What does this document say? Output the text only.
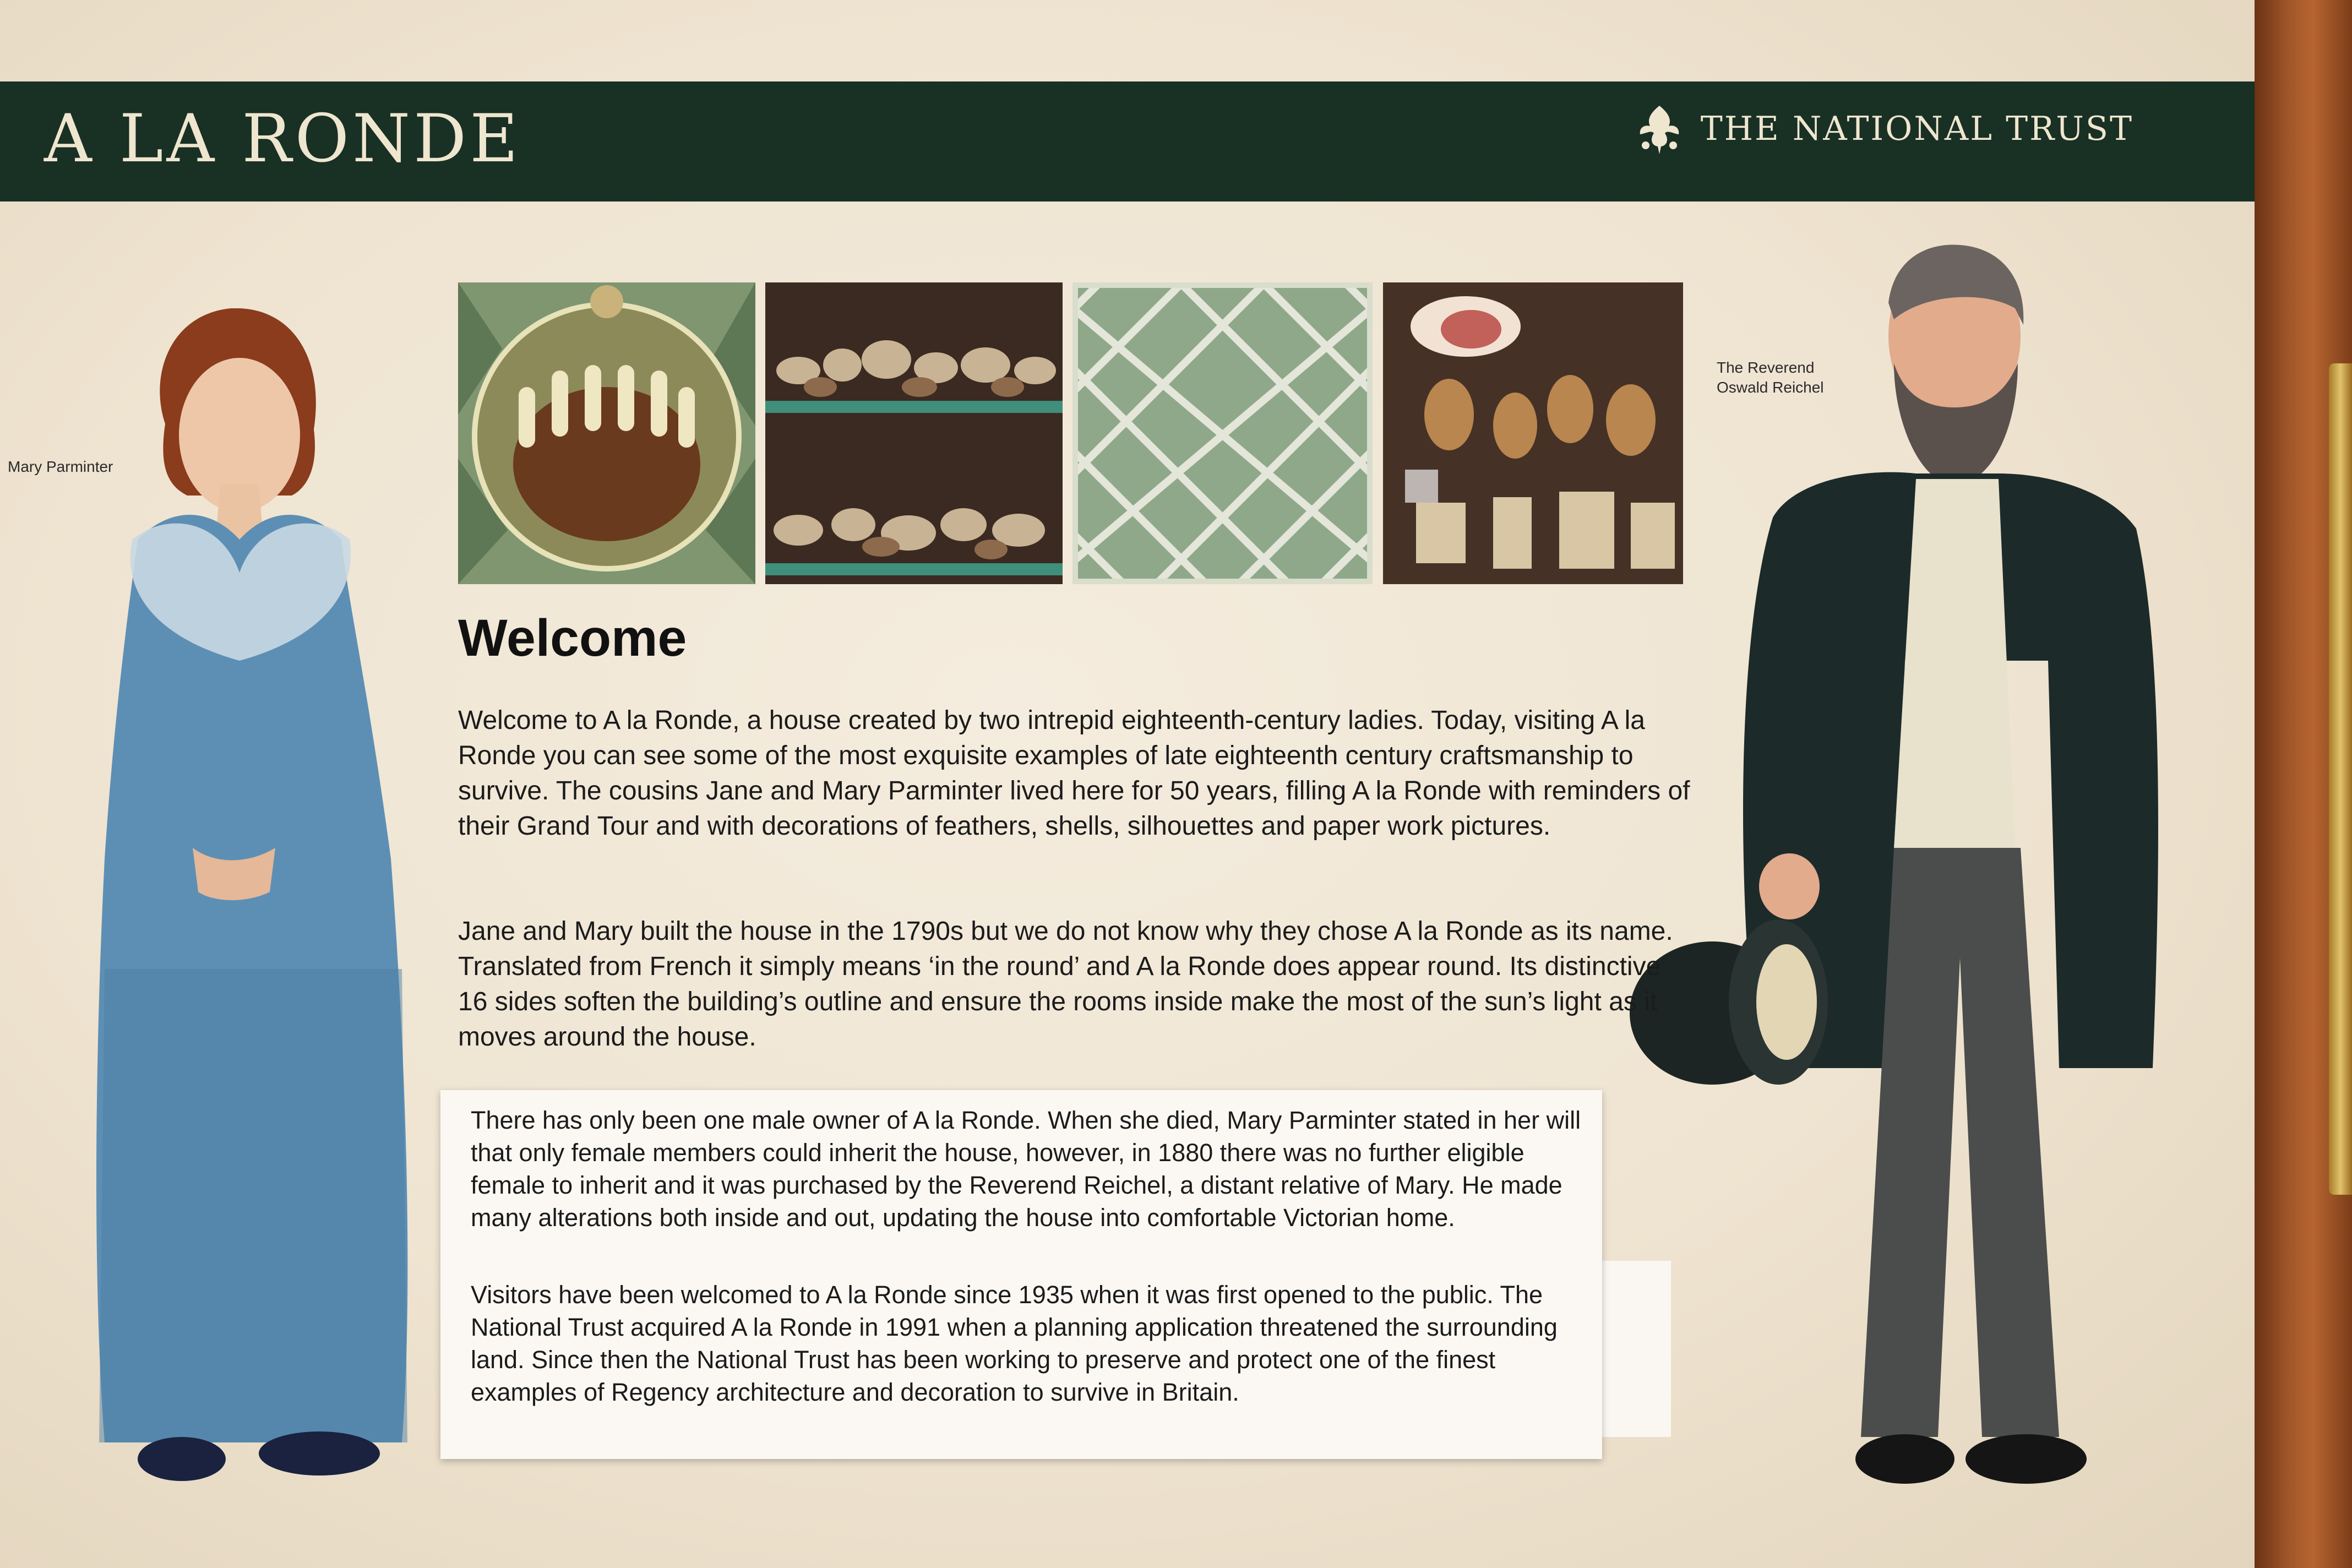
A LA RONDE	THE NATIONAL TRUST
Mary Parminter
The Reverend Oswald Reichel
Welcome
Welcome to A la Ronde, a house created by two intrepid eighteenth-century ladies. Today, visiting A la Ronde you can see some of the most exquisite examples of late eighteenth century craftsmanship to survive. The cousins Jane and Mary Parminter lived here for 50 years, filling A la Ronde with reminders of their Grand Tour and with decorations of feathers, shells, silhouettes and paper work pictures.
Jane and Mary built the house in the 1790s but we do not know why they chose A la Ronde as its name. Translated from French it simply means ‘in the round’ and A la Ronde does appear round. Its distinctive 16 sides soften the building’s outline and ensure the rooms inside make the most of the sun’s light as it moves around the house.
There has only been one male owner of A la Ronde. When she died, Mary Parminter stated in her will that only female members could inherit the house, however, in 1880 there was no further eligible female to inherit and it was purchased by the Reverend Reichel, a distant relative of Mary. He made many alterations both inside and out, updating the house into comfortable Victorian home.
Visitors have been welcomed to A la Ronde since 1935 when it was first opened to the public. The National Trust acquired A la Ronde in 1991 when a planning application threatened the surrounding land. Since then the National Trust has been working to preserve and protect one of the finest examples of Regency architecture and decoration to survive in Britain.
